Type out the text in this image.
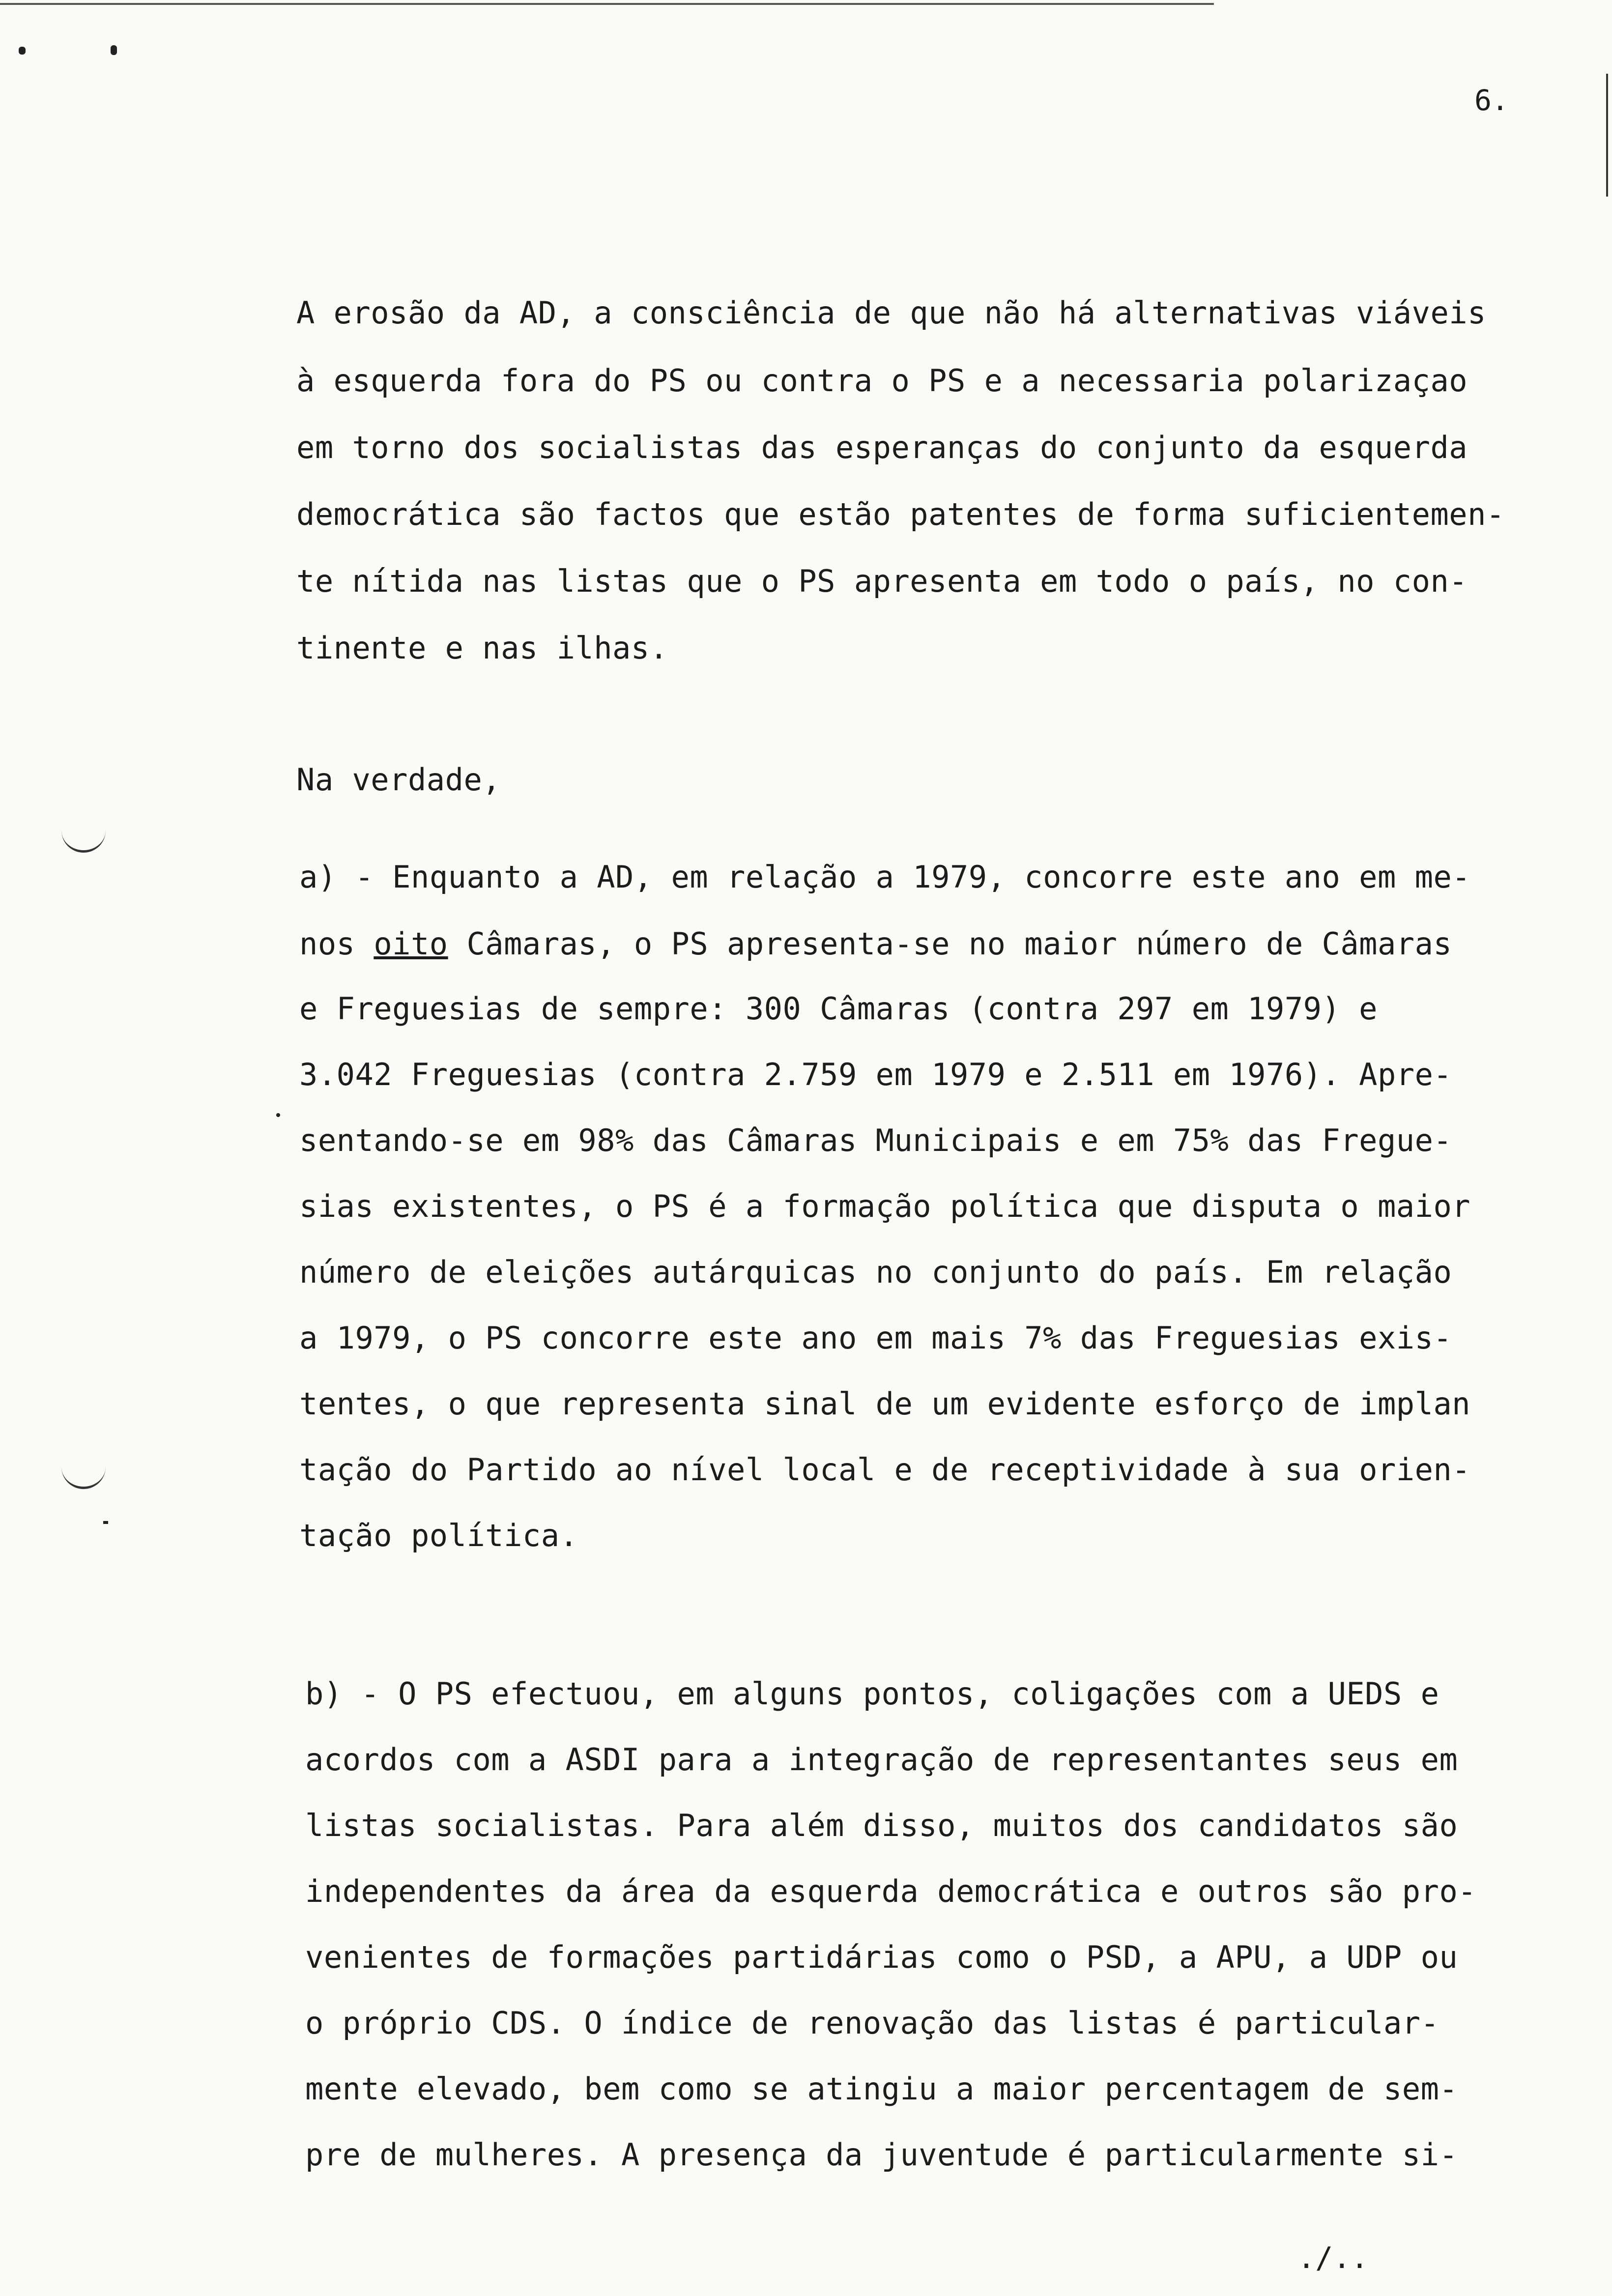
6.
A erosão da AD, a consciência de que não há alternativas viáveis
à esquerda fora do PS ou contra o PS e a necessaria polarizaçao
em torno dos socialistas das esperanças do conjunto da esquerda
democrática são factos que estão patentes de forma suficientemen-
te nítida nas listas que o PS apresenta em todo o país, no con-
tinente e nas ilhas.
Na verdade,
a) - Enquanto a AD, em relação a 1979, concorre este ano em me-
nos oito Câmaras, o PS apresenta-se no maior número de Câmaras
e Freguesias de sempre: 300 Câmaras (contra 297 em 1979) e
3.042 Freguesias (contra 2.759 em 1979 e 2.511 em 1976). Apre-
sentando-se em 98% das Câmaras Municipais e em 75% das Fregue-
sias existentes, o PS é a formação política que disputa o maior
número de eleições autárquicas no conjunto do país. Em relação
a 1979, o PS concorre este ano em mais 7% das Freguesias exis-
tentes, o que representa sinal de um evidente esforço de implan
tação do Partido ao nível local e de receptividade à sua orien-
tação política.
b) - O PS efectuou, em alguns pontos, coligações com a UEDS e
acordos com a ASDI para a integração de representantes seus em
listas socialistas. Para além disso, muitos dos candidatos são
independentes da área da esquerda democrática e outros são pro-
venientes de formações partidárias como o PSD, a APU, a UDP ou
o próprio CDS. O índice de renovação das listas é particular-
mente elevado, bem como se atingiu a maior percentagem de sem-
pre de mulheres. A presença da juventude é particularmente si-
./..
